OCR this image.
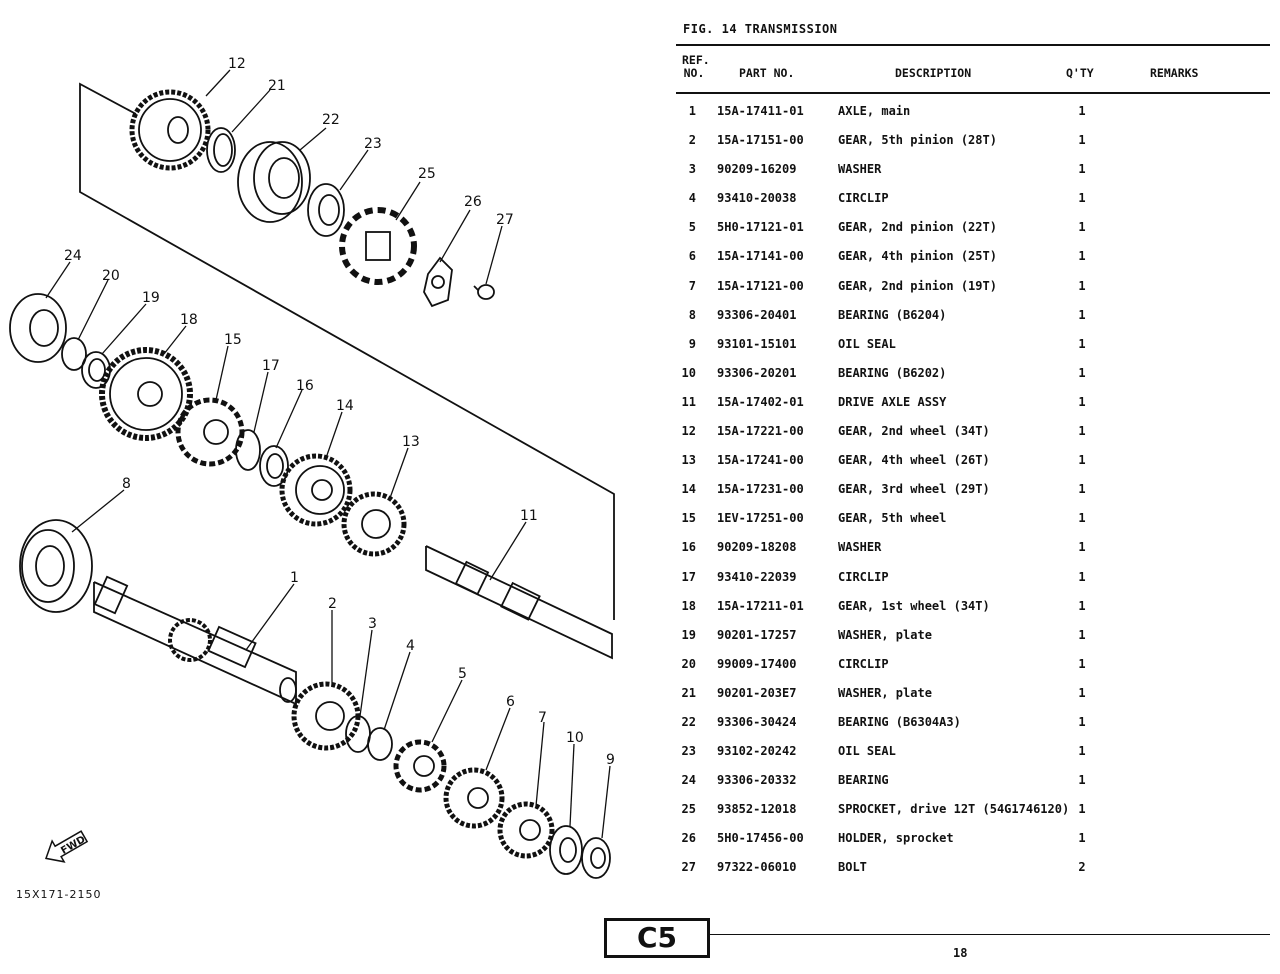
12
21
22
23
25
26
27
24
20
19
18
15
17
16
14
13
11
8
1
2
3
4
5
6
7
10
9
FWD
15X171-2150
FIG. 14 TRANSMISSION
REF.
NO.	PART NO.	DESCRIPTION	Q'TY	REMARKS
1 15A-17411-01	AXLE, main	1
2 15A-17151-00	GEAR, 5th pinion (28T)	1
3 90209-16209	WASHER	1
4 93410-20038	CIRCLIP	1
5 5H0-17121-01	GEAR, 2nd pinion (22T)	1
6 15A-17141-00	GEAR, 4th pinion (25T)	1
7 15A-17121-00	GEAR, 2nd pinion (19T)	1
8 93306-20401	BEARING (B6204)	1
9 93101-15101	OIL SEAL	1
10 93306-20201	BEARING (B6202)	1
11 15A-17402-01	DRIVE AXLE ASSY	1
12 15A-17221-00	GEAR, 2nd wheel (34T)	1
13 15A-17241-00	GEAR, 4th wheel (26T)	1
14 15A-17231-00	GEAR, 3rd wheel (29T)	1
15 1EV-17251-00	GEAR, 5th wheel	1
16 90209-18208	WASHER	1
17 93410-22039	CIRCLIP	1
18 15A-17211-01	GEAR, 1st wheel (34T)	1
19 90201-17257	WASHER, plate	1
20 99009-17400	CIRCLIP	1
21 90201-203E7	WASHER, plate	1
22 93306-30424	BEARING (B6304A3)	1
23 93102-20242	OIL SEAL	1
24 93306-20332	BEARING	1
25 93852-12018	SPROCKET, drive 12T (54G1746120) 1
26 5H0-17456-00	HOLDER, sprocket	1
27 97322-06010	BOLT	2
C5	18
